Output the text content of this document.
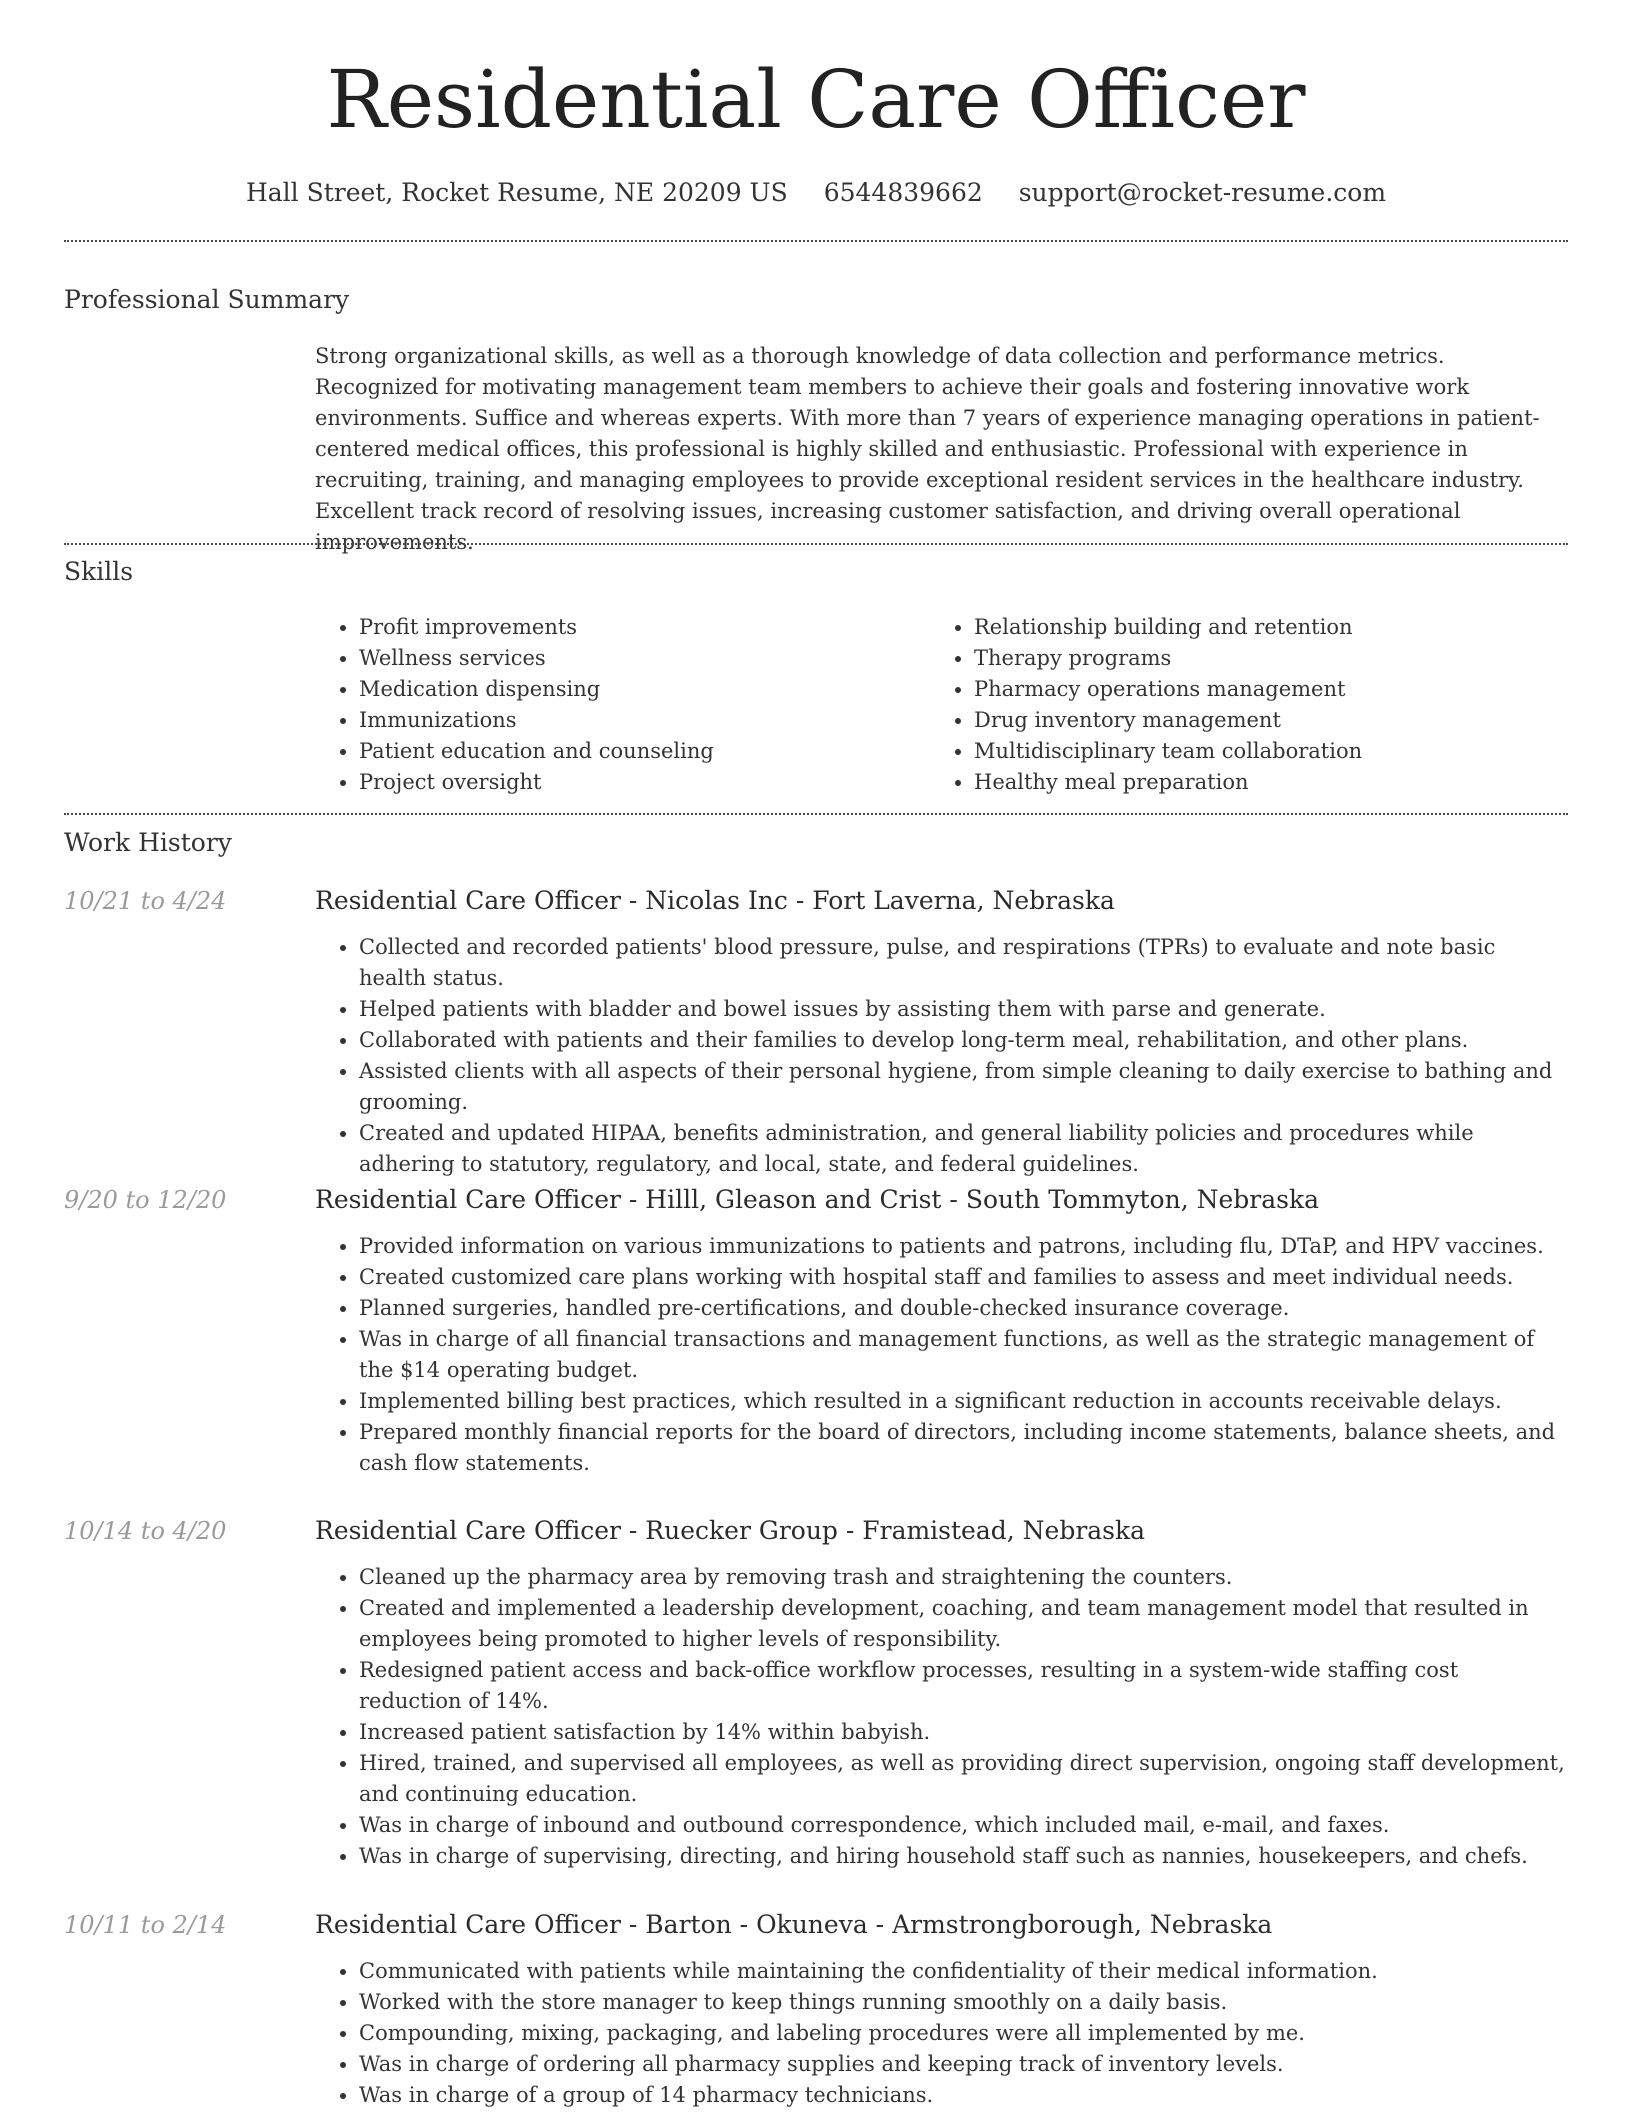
Residential Care Officer
Hall Street, Rocket Resume, NE 20209 US 6544839662 support@rocket-resume.com
Professional Summary

Strong organizational skills, as well as a thorough knowledge of data collection and performance metrics. Recognized for motivating management team members to achieve their goals and fostering innovative work environments. Suffice and whereas experts. With more than 7 years of experience managing operations in patient-centered medical offices, this professional is highly skilled and enthusiastic. Professional with experience in recruiting, training, and managing employees to provide exceptional resident services in the healthcare industry. Excellent track record of resolving issues, increasing customer satisfaction, and driving overall operational improvements.

Skills
• Profit improvements
• Wellness services
• Medication dispensing
• Immunizations
• Patient education and counseling
• Project oversight
• Relationship building and retention
• Therapy programs
• Pharmacy operations management
• Drug inventory management
• Multidisciplinary team collaboration
• Healthy meal preparation
Work History
10/21 to 4/24	Residential Care Officer - Nicolas Inc - Fort Laverna, Nebraska
• Collected and recorded patients' blood pressure, pulse, and respirations (TPRs) to evaluate and note basic health status.
• Helped patients with bladder and bowel issues by assisting them with parse and generate.
• Collaborated with patients and their families to develop long-term meal, rehabilitation, and other plans.
• Assisted clients with all aspects of their personal hygiene, from simple cleaning to daily exercise to bathing and grooming.
• Created and updated HIPAA, benefits administration, and general liability policies and procedures while adhering to statutory, regulatory, and local, state, and federal guidelines.
9/20 to 12/20	Residential Care Officer - Hilll, Gleason and Crist - South Tommyton, Nebraska
• Provided information on various immunizations to patients and patrons, including flu, DTaP, and HPV vaccines.
• Created customized care plans working with hospital staff and families to assess and meet individual needs.
• Planned surgeries, handled pre-certifications, and double-checked insurance coverage.
• Was in charge of all financial transactions and management functions, as well as the strategic management of the $14 operating budget.
• Implemented billing best practices, which resulted in a significant reduction in accounts receivable delays.
• Prepared monthly financial reports for the board of directors, including income statements, balance sheets, and cash flow statements.
10/14 to 4/20	Residential Care Officer - Ruecker Group - Framistead, Nebraska
• Cleaned up the pharmacy area by removing trash and straightening the counters.
• Created and implemented a leadership development, coaching, and team management model that resulted in employees being promoted to higher levels of responsibility.
• Redesigned patient access and back-office workflow processes, resulting in a system-wide staffing cost reduction of 14%.
• Increased patient satisfaction by 14% within babyish.
• Hired, trained, and supervised all employees, as well as providing direct supervision, ongoing staff development, and continuing education.
• Was in charge of inbound and outbound correspondence, which included mail, e-mail, and faxes.
• Was in charge of supervising, directing, and hiring household staff such as nannies, housekeepers, and chefs.
10/11 to 2/14	Residential Care Officer - Barton - Okuneva - Armstrongborough, Nebraska
• Communicated with patients while maintaining the confidentiality of their medical information.
• Worked with the store manager to keep things running smoothly on a daily basis.
• Compounding, mixing, packaging, and labeling procedures were all implemented by me.
• Was in charge of ordering all pharmacy supplies and keeping track of inventory levels.
• Was in charge of a group of 14 pharmacy technicians.
